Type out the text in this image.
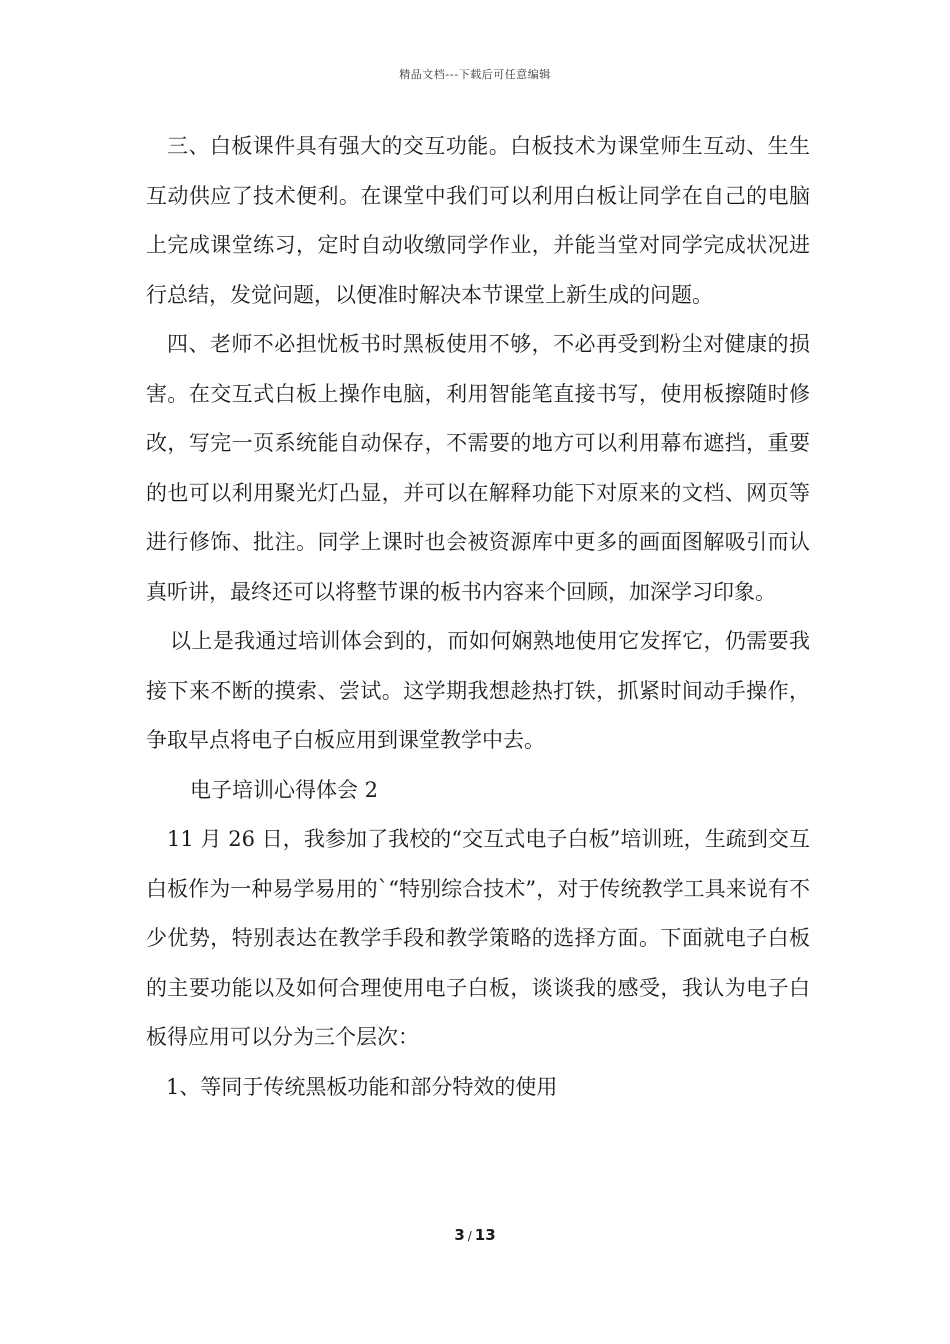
精品文档---下载后可任意编辑

三、白板课件具有强大的交互功能。白板技术为课堂师生互动、生生互动供应了技术便利。在课堂中我们可以利用白板让同学在自己的电脑上完成课堂练习，定时自动收缴同学作业，并能当堂对同学完成状况进行总结，发觉问题，以便准时解决本节课堂上新生成的问题。

四、老师不必担忧板书时黑板使用不够，不必再受到粉尘对健康的损害。在交互式白板上操作电脑，利用智能笔直接书写，使用板擦随时修改，写完一页系统能自动保存，不需要的地方可以利用幕布遮挡，重要的也可以利用聚光灯凸显，并可以在解释功能下对原来的文档、网页等进行修饰、批注。同学上课时也会被资源库中更多的画面图解吸引而认真听讲，最终还可以将整节课的板书内容来个回顾，加深学习印象。

以上是我通过培训体会到的，而如何娴熟地使用它发挥它，仍需要我接下来不断的摸索、尝试。这学期我想趁热打铁，抓紧时间动手操作，争取早点将电子白板应用到课堂教学中去。

电子培训心得体会 2

11 月 26 日，我参加了我校的“交互式电子白板”培训班，生疏到交互白板作为一种易学易用的`“特别综合技术”，对于传统教学工具来说有不少优势，特别表达在教学手段和教学策略的选择方面。下面就电子白板的主要功能以及如何合理使用电子白板，谈谈我的感受，我认为电子白板得应用可以分为三个层次：

1、等同于传统黑板功能和部分特效的使用

3 / 13
